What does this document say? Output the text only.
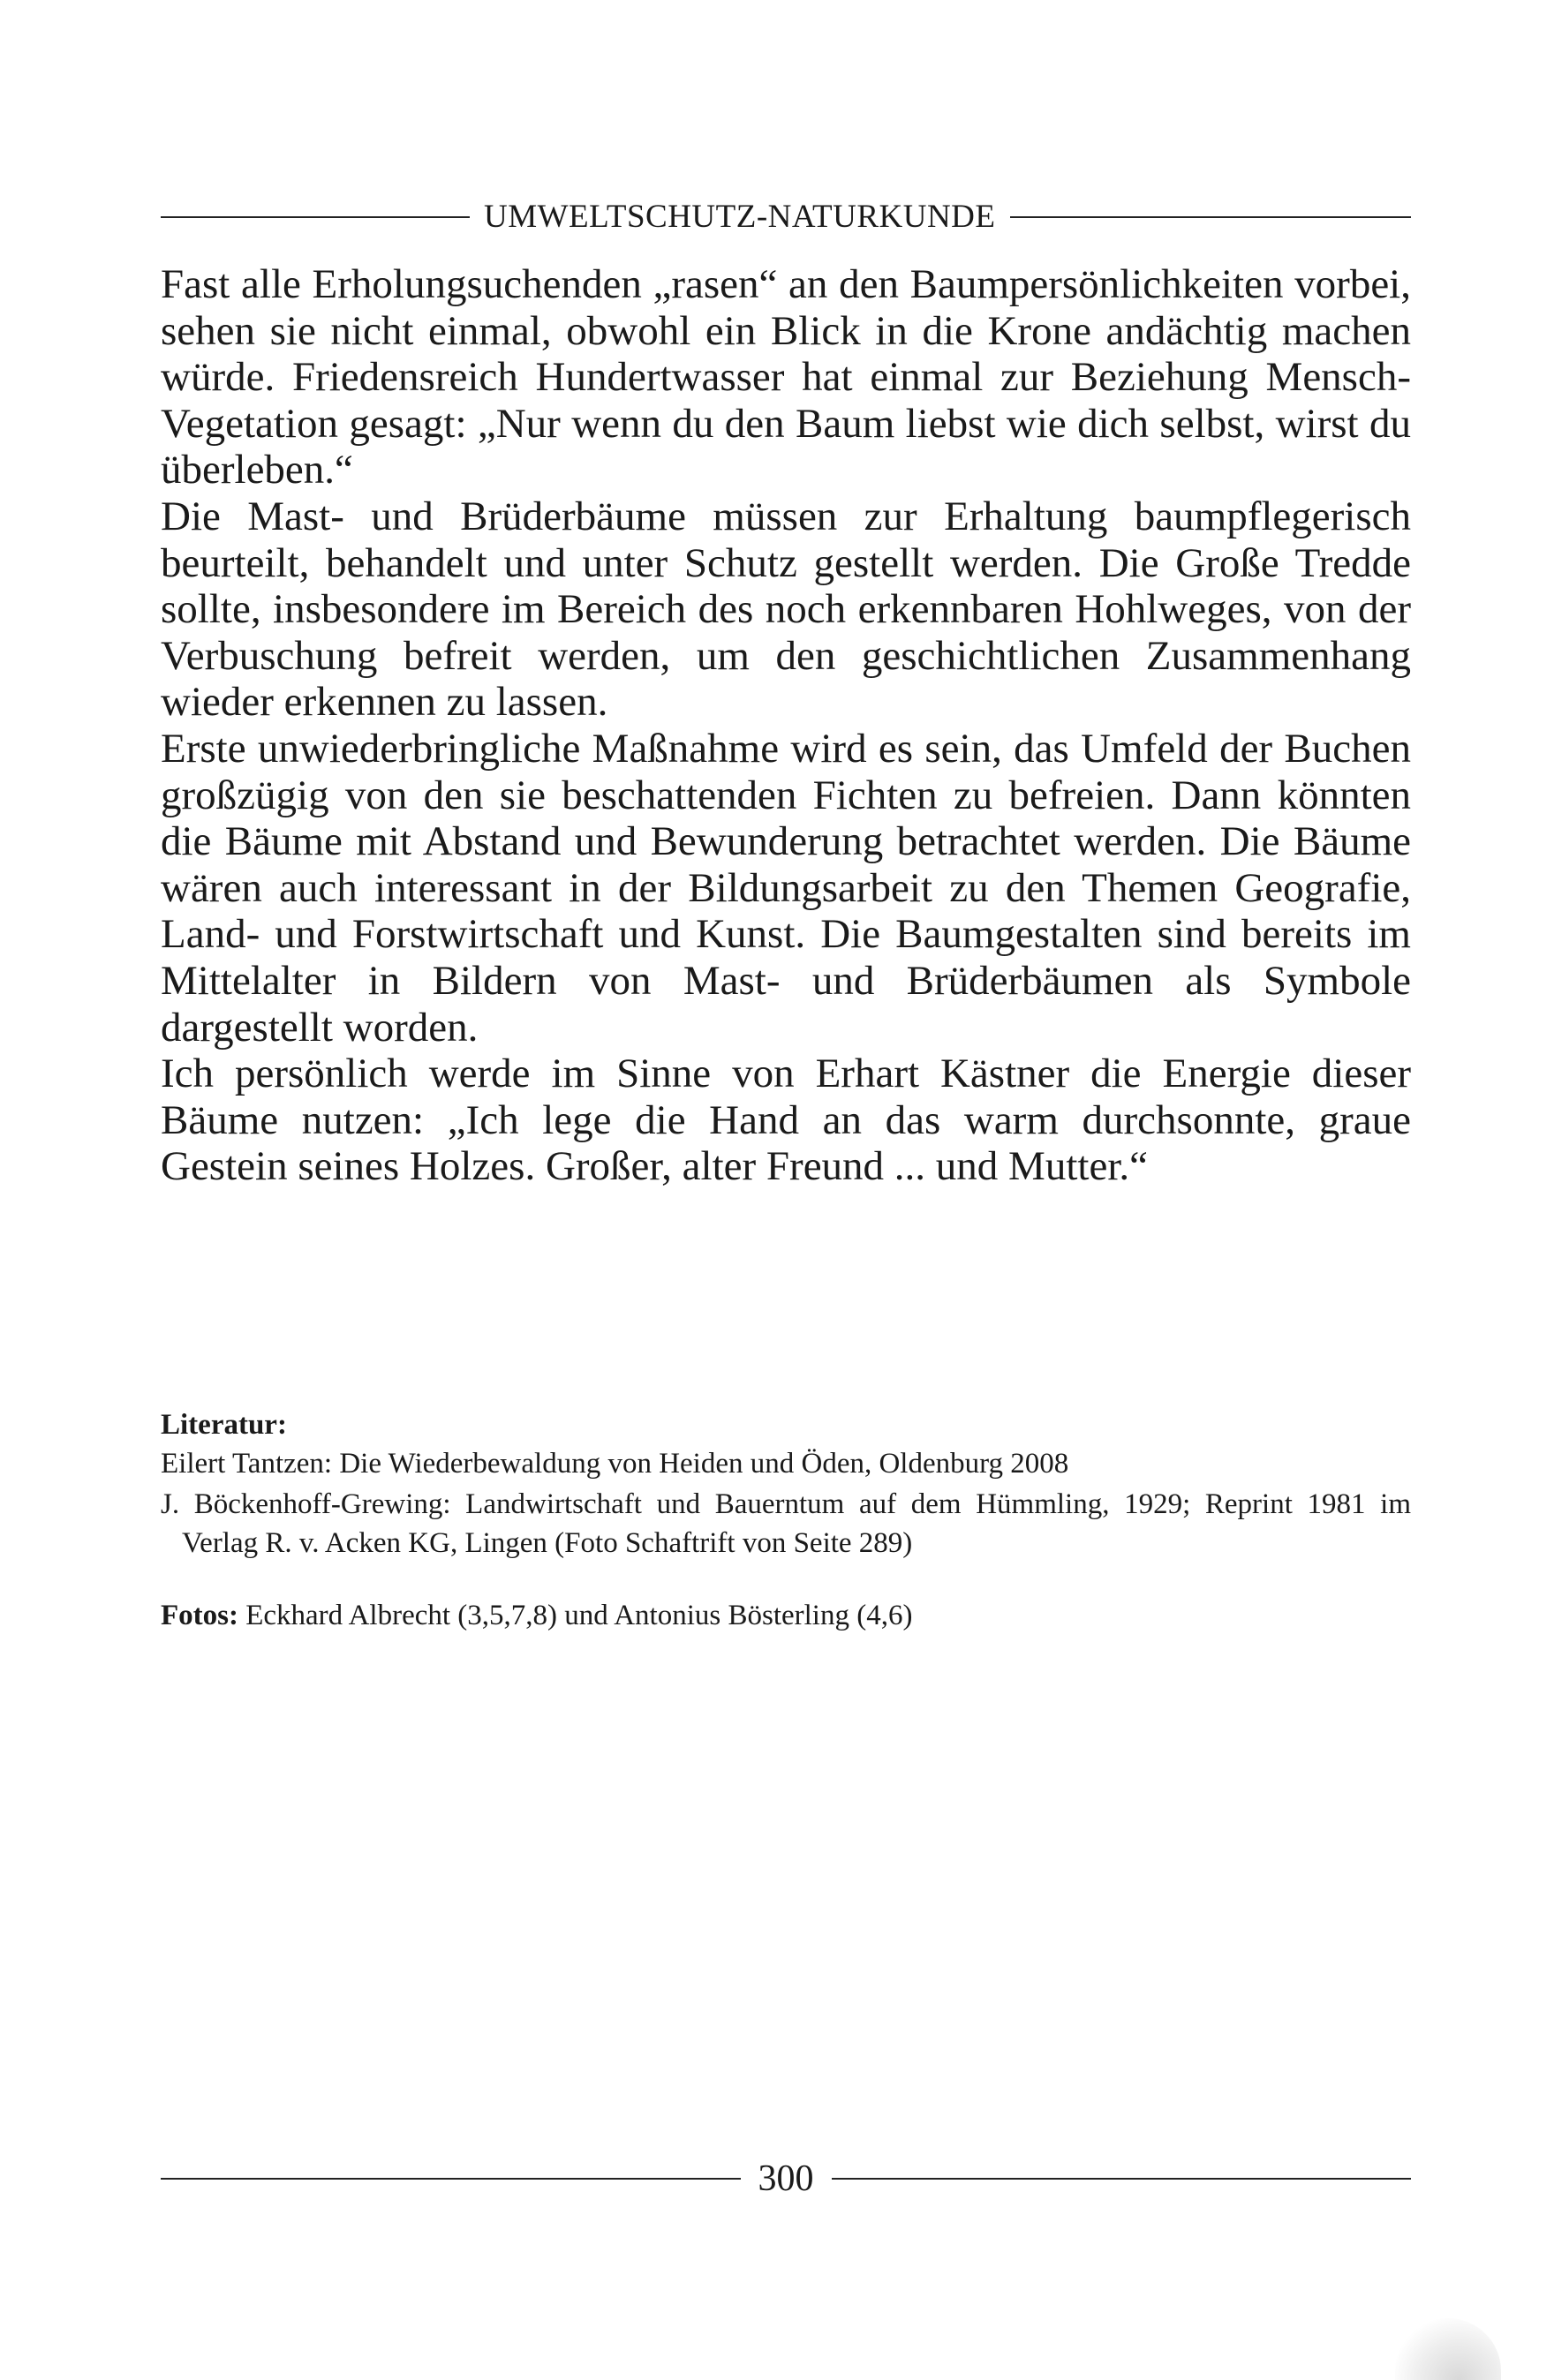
UMWELTSCHUTZ-NATURKUNDE

Fast alle Erholungsuchenden „rasen“ an den Baumpersönlichkeiten vorbei, sehen sie nicht einmal, obwohl ein Blick in die Krone andächtig machen würde. Friedensreich Hundertwasser hat einmal zur Beziehung Mensch-Vegetation gesagt: „Nur wenn du den Baum liebst wie dich selbst, wirst du überleben.“

Die Mast- und Brüderbäume müssen zur Erhaltung baumpflegerisch beurteilt, behandelt und unter Schutz gestellt werden. Die Große Tredde sollte, insbesondere im Bereich des noch erkennbaren Hohlweges, von der Verbuschung befreit werden, um den geschichtlichen Zusammenhang wieder erkennen zu lassen.

Erste unwiederbringliche Maßnahme wird es sein, das Umfeld der Buchen großzügig von den sie beschattenden Fichten zu befreien. Dann könnten die Bäume mit Abstand und Bewunderung betrachtet werden. Die Bäume wären auch interessant in der Bildungsarbeit zu den Themen Geografie, Land- und Forstwirtschaft und Kunst. Die Baumgestalten sind bereits im Mittelalter in Bildern von Mast- und Brüderbäumen als Symbole dargestellt worden.

Ich persönlich werde im Sinne von Erhart Kästner die Energie dieser Bäume nutzen: „Ich lege die Hand an das warm durchsonnte, graue Gestein seines Holzes. Großer, alter Freund ... und Mutter.“

Literatur:

Eilert Tantzen: Die Wiederbewaldung von Heiden und Öden, Oldenburg 2008

J. Böckenhoff-Grewing: Landwirtschaft und Bauerntum auf dem Hümmling, 1929; Reprint 1981 im Verlag R. v. Acken KG, Lingen (Foto Schaftrift von Seite 289)

Fotos: Eckhard Albrecht (3,5,7,8) und Antonius Bösterling (4,6)

300
